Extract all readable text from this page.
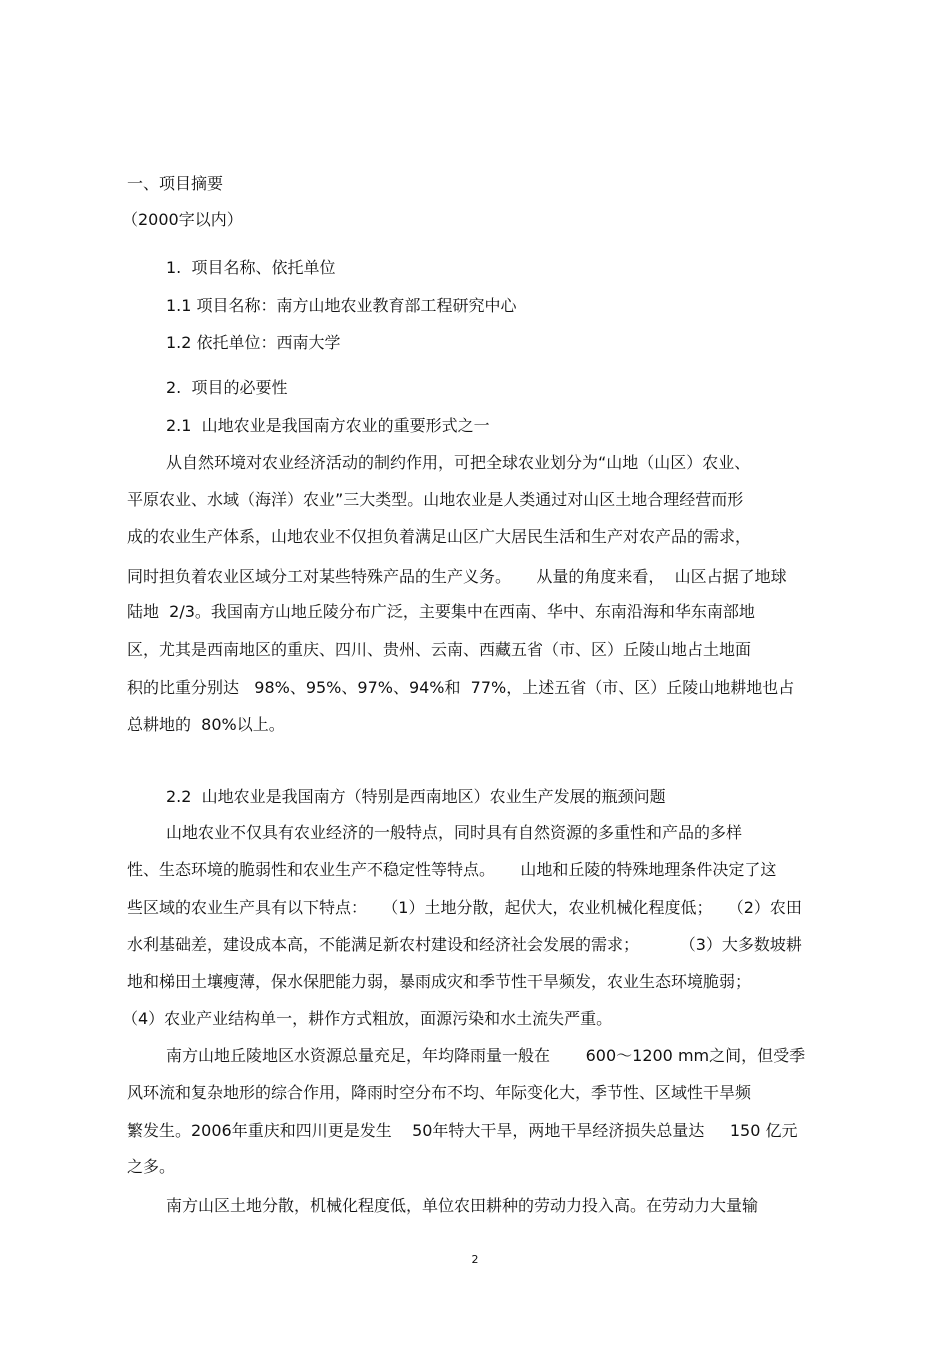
一、项目摘要

（2000字以内）

1.  项目名称、依托单位

1.1 项目名称：南方山地农业教育部工程研究中心

1.2 依托单位：西南大学

2.  项目的必要性

2.1  山地农业是我国南方农业的重要形式之一

从自然环境对农业经济活动的制约作用，可把全球农业划分为“山地（山区）农业、

平原农业、水域（海洋）农业”三大类型。山地农业是人类通过对山区土地合理经营而形

成的农业生产体系，山地农业不仅担负着满足山区广大居民生活和生产对农产品的需求，

同时担负着农业区域分工对某些特殊产品的生产义务。     从量的角度来看，  山区占据了地球

陆地  2/3。我国南方山地丘陵分布广泛，主要集中在西南、华中、东南沿海和华东南部地

区，尤其是西南地区的重庆、四川、贵州、云南、西藏五省（市、区）丘陵山地占土地面

积的比重分别达   98%、95%、97%、94%和  77%，上述五省（市、区）丘陵山地耕地也占

总耕地的  80%以上。

2.2  山地农业是我国南方（特别是西南地区）农业生产发展的瓶颈问题

山地农业不仅具有农业经济的一般特点，同时具有自然资源的多重性和产品的多样

性、生态环境的脆弱性和农业生产不稳定性等特点。     山地和丘陵的特殊地理条件决定了这

些区域的农业生产具有以下特点：   （1）土地分散，起伏大，农业机械化程度低；   （2）农田

水利基础差，建设成本高，不能满足新农村建设和经济社会发展的需求；        （3）大多数坡耕

地和梯田土壤瘦薄，保水保肥能力弱，暴雨成灾和季节性干旱频发，农业生态环境脆弱；

（4）农业产业结构单一，耕作方式粗放，面源污染和水土流失严重。

南方山地丘陵地区水资源总量充足，年均降雨量一般在       600～1200 mm之间，但受季

风环流和复杂地形的综合作用，降雨时空分布不均、年际变化大，季节性、区域性干旱频

繁发生。2006年重庆和四川更是发生    50年特大干旱，两地干旱经济损失总量达     150 亿元

之多。

南方山区土地分散，机械化程度低，单位农田耕种的劳动力投入高。在劳动力大量输

2
